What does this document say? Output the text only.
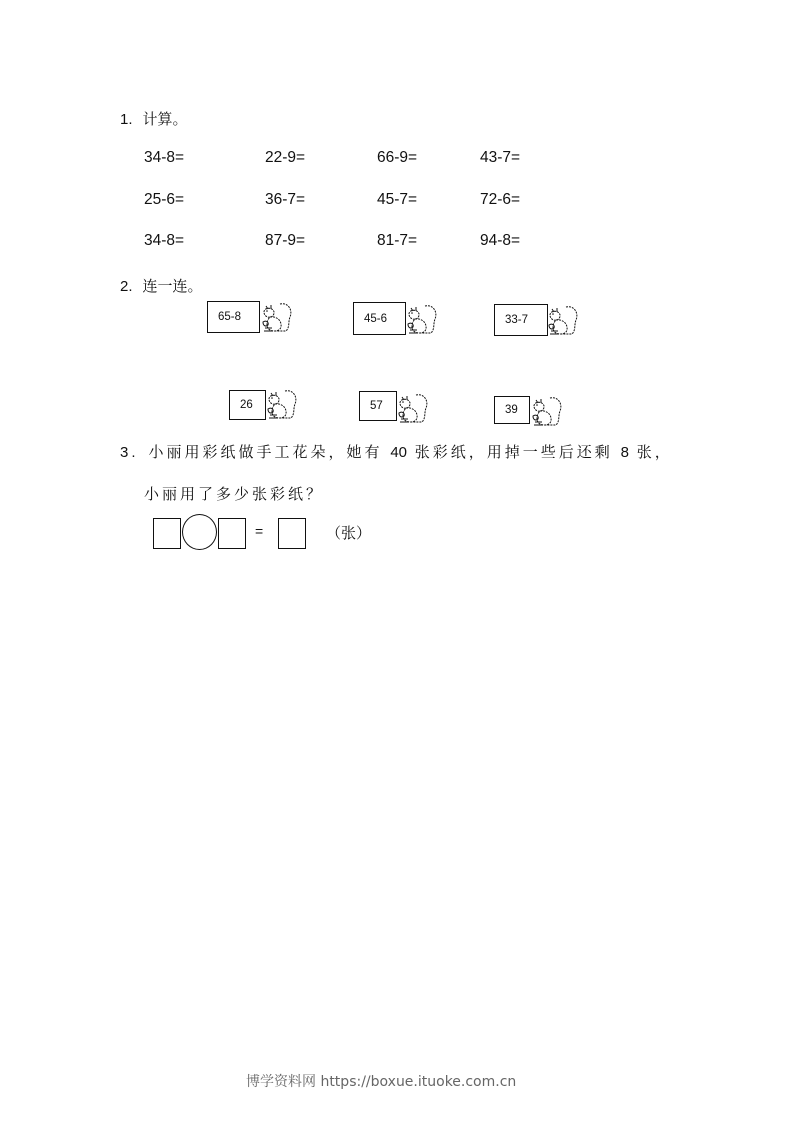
1. 计算。
34-8=	22-9=	66-9=	43-7=
25-6=	36-7=	45-7=	72-6=
34-8=	87-9=	81-7=	94-8=
2. 连一连。
65-8	45-6	33-7
26	57	39
3. 小丽用彩纸做手工花朵，她有 40 张彩纸，用掉一些后还剩 8 张，
小丽用了多少张彩纸？
=	（张）
博学资料网 https://boxue.ituoke.com.cn
